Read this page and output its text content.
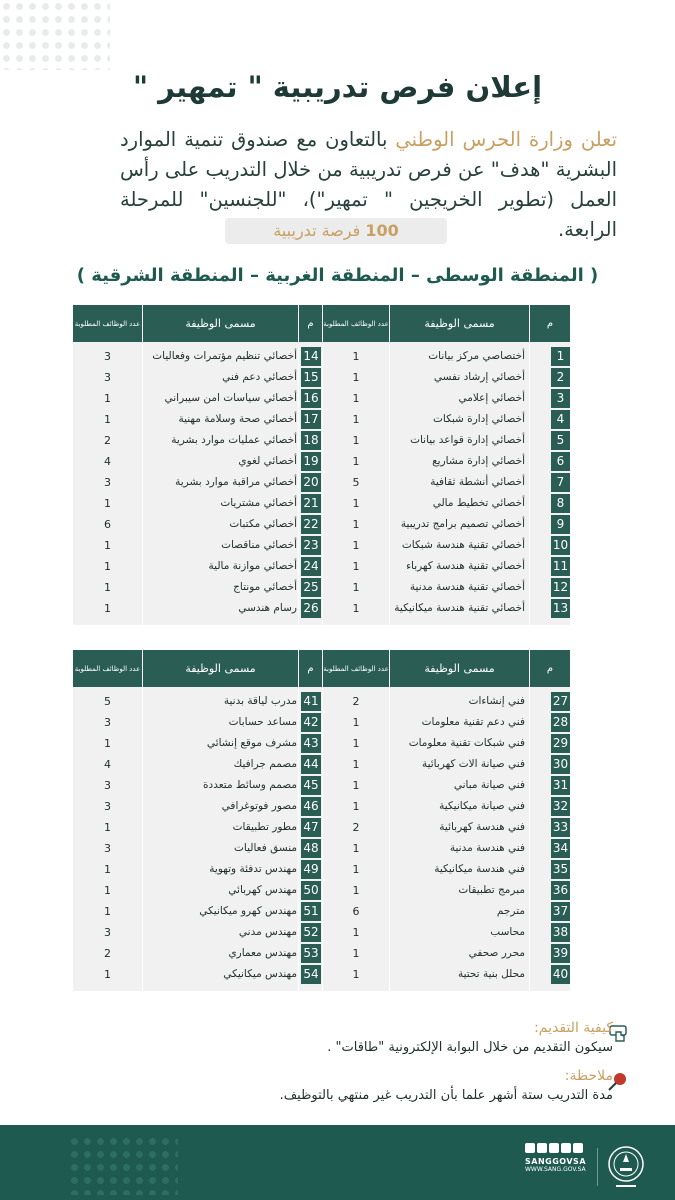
إعلان فرص تدريبية " تمهير "
تعلن وزارة الحرس الوطني بالتعاون مع صندوق تنمية الموارد البشرية "هدف" عن فرص تدريبية من خلال التدريب على رأس العمل (تطوير الخريجين " تمهير")، "للجنسين" للمرحلة الرابعة.
100 فرصة تدريبية
( المنطقة الوسطى – المنطقة الغربية – المنطقة الشرقية )
عدد الوظائف المطلوبة	مسمى الوظيفة	م	عدد الوظائف المطلوبة	مسمى الوظيفة	م
3	أخصائي تنظيم مؤتمرات وفعاليات 14	1	أختصاصي مركز بيانات	1
3	أخصائي دعم فني 15	1	أخصائي إرشاد نفسي	2
1	أخصائي سياسات امن سيبراني 16	1	أخصائي إعلامي	3
1	أخصائي صحة وسلامة مهنية 17	1	أخصائي إدارة شبكات	4
2	أخصائي عمليات موارد بشرية 18	1	أخصائي إدارة قواعد بيانات	5
4	أخصائي لغوي 19	1	أخصائي إدارة مشاريع	6
3	أخصائي مراقبة موارد بشرية 20	5	أخصائي أنشطة ثقافية	7
1	أخصائي مشتريات 21	1	أخصائي تخطيط مالي	8
6	أخصائي مكتبات 22	1	أخصائي تصميم برامج تدريبية	9
1	أخصائي مناقصات 23	1	أخصائي تقنية هندسة شبكات 10
1	أخصائي موازنة مالية 24	1	أخصائي تقنية هندسة كهرباء 11
1	أخصائي مونتاج 25	1	أخصائي تقنية هندسة مدنية 12
1	رسام هندسي 26	1	أخصائي تقنية هندسة ميكانيكية 13
عدد الوظائف المطلوبة	مسمى الوظيفة	م	عدد الوظائف المطلوبة	مسمى الوظيفة	م
5	مدرب لياقة بدنية 41	2	فني إنشاءات 27
3	مساعد حسابات 42	1	فني دعم تقنية معلومات 28
1	مشرف موقع إنشائي 43	1	فني شبكات تقنية معلومات 29
4	مصمم جرافيك 44	1	فني صيانة الات كهربائية 30
3	مصمم وسائط متعددة 45	1	فني صيانة مباني 31
3	مصور فوتوغرافي 46	1	فني صيانة ميكانيكية 32
1	مطور تطبيقات 47	2	فني هندسة كهربائية 33
3	منسق فعاليات 48	1	فني هندسة مدنية 34
1	مهندس تدفئة وتهوية 49	1	فني هندسة ميكانيكية 35
1	مهندس كهربائي 50	1	مبرمج تطبيقات 36
1	مهندس كهرو ميكانيكي 51	6	مترجم 37
3	مهندس مدني 52	1	محاسب 38
2	مهندس معماري 53	1	محرر صحفي 39
1	مهندس ميكانيكي 54	1	محلل بنية تحتية 40
كيفية التقديم:
سيكون التقديم من خلال البوابة الإلكترونية "طاقات" .
ملاحظة:
مدة التدريب ستة أشهر علما بأن التدريب غير منتهي بالتوظيف.
SANGGOVSA
WWW.SANG.GOV.SA
